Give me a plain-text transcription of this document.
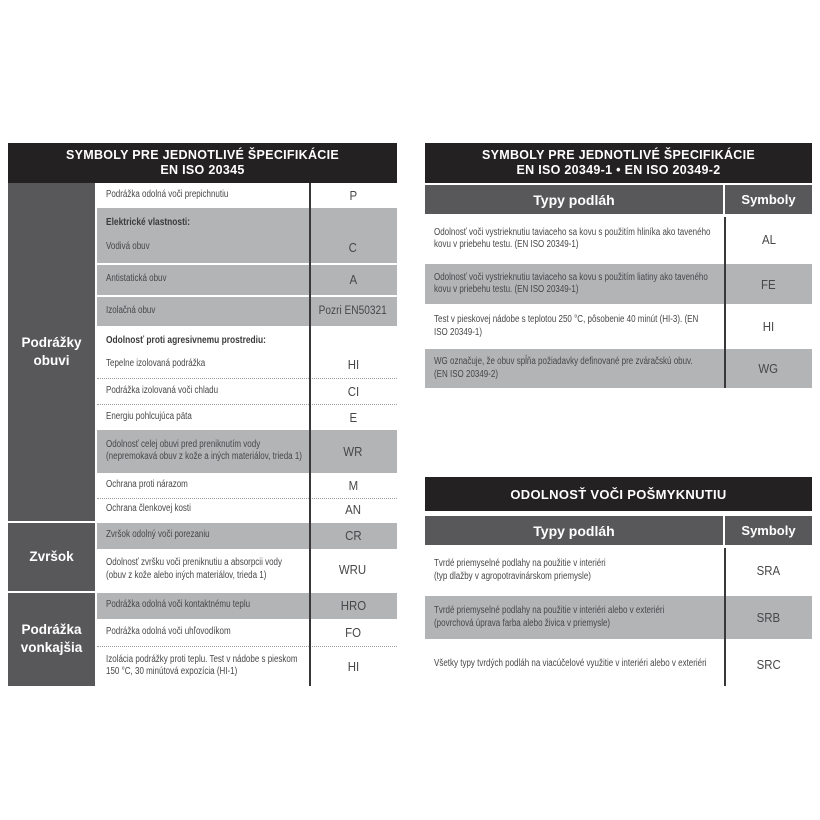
SYMBOLY PRE JEDNOTLIVÉ ŠPECIFIKÁCIE
EN ISO 20345
Podrážky obuvi
Podrážka odolná voči prepichnutiu	P
Elektrické vlastnosti:
Vodivá obuv	C
Antistatická obuv	A
Izolačná obuv	Pozri EN50321
Odolnosť proti agresivnemu prostrediu:
Tepelne izolovaná podrážka	HI
Podrážka izolovaná voči chladu	CI
Energiu pohlcujúca päta	E
Odolnosť celej obuvi pred preniknutím vody (nepremokavá obuv z kože a iných materiálov, trieda 1)	WR
Ochrana proti nárazom	M
Ochrana členkovej kosti	AN
Zvršok
Zvršok odolný voči porezaniu	CR
Odolnosť zvršku voči preniknutiu a absorpcii vody
(obuv z kože alebo iných materiálov, trieda 1)	WRU
Podrážka vonkajšia
Podrážka odolná voči kontaktnému teplu	HRO
Podrážka odolná voči uhľovodíkom	FO
Izolácia podrážky proti teplu. Test v nádobe s pieskom 150 °C, 30 minútová expozícia (HI-1)	HI
SYMBOLY PRE JEDNOTLIVÉ ŠPECIFIKÁCIE
EN ISO 20349-1 • EN ISO 20349-2
Typy podláh	Symboly
Odolnosť voči vystrieknutiu taviaceho sa kovu s použitím hliníka ako taveného kovu v priebehu testu. (EN ISO 20349-1)	AL
Odolnosť voči vystrieknutiu taviaceho sa kovu s použitím liatiny ako taveného kovu v priebehu testu. (EN ISO 20349-1)	FE
Test v pieskovej nádobe s teplotou 250 °C, pôsobenie 40 minút (HI-3). (EN ISO 20349-1)	HI
WG označuje, že obuv spĺňa požiadavky definované pre zváračskú obuv.
(EN ISO 20349-2)	WG
ODOLNOSŤ VOČI POŠMYKNUTIU
Typy podláh	Symboly
Tvrdé priemyselné podlahy na použitie v interiéri
(typ dlažby v agropotravinárskom priemysle)	SRA
Tvrdé priemyselné podlahy na použitie v interiéri alebo v exteriéri
(povrchová úprava farba alebo živica v priemysle)	SRB
Všetky typy tvrdých podláh na viacúčelové využitie v interiéri alebo v exteriéri	SRC
